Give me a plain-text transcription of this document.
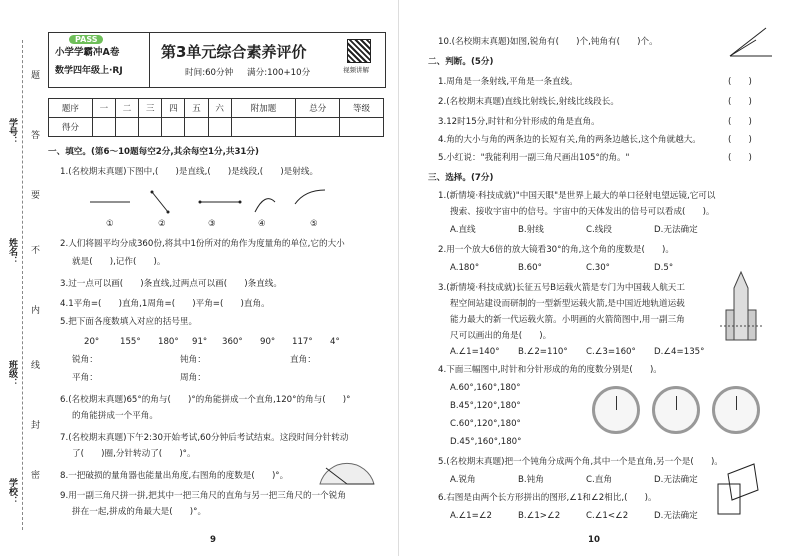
学号：
姓名：
班级：
学校：
题
答
要
不
内
线
封
密
PASS
小学学霸冲A卷
数学四年级上·RJ
第3单元综合素养评价
时间:60分钟 满分:100+10分	视频讲解
题序	一	二	三	四	五	六	附加题	总分	等级
得分									
一、填空。(第6～10题每空2分,其余每空1分,共31分)
1.(名校期末真题)下图中,(　　)是直线,(　　)是线段,(　　)是射线。
①	②	③	④	⑤
2.人们将圆平均分成360份,将其中1份所对的角作为度量角的单位,它的大小
就是(　　),记作(　　)。
3.过一点可以画(　　)条直线,过两点可以画(　　)条直线。
4.1平角=(　　)直角,1周角=(　　)平角=(　　)直角。
5.把下面各度数填入对应的括号里。
20° 155° 180° 91° 360° 90° 117° 4°
锐角：	钝角：	直角：
平角：	周角：
6.(名校期末真题)65°的角与(　　)°的角能拼成一个直角,120°的角与(　　)°
的角能拼成一个平角。
7.(名校期末真题)下午2:30开始考试,60分钟后考试结束。这段时间分针转动
了(　　)圈,分针转动了(　　)°。
8.一把破损的量角器也能量出角度,右图角的度数是(　　)°。
9.用一副三角尺拼一拼,把其中一把三角尺的直角与另一把三角尺的一个锐角
拼在一起,拼成的角最大是(　　)°。
9
10.(名校期末真题)如图,锐角有(　　)个,钝角有(　　)个。
二、判断。(5分)
1.周角是一条射线,平角是一条直线。	(　　)
2.(名校期末真题)直线比射线长,射线比线段长。	(　　)
3.12时15分,时针和分针形成的角是直角。	(　　)
4.角的大小与角的两条边的长短有关,角的两条边越长,这个角就越大。	(　　)
5.小红说："我能利用一副三角尺画出105°的角。"	(　　)
三、选择。(7分)
1.(新情境·科技成就)"中国天眼"是世界上最大的单口径射电望远镜,它可以
搜索、接收宇宙中的信号。宇宙中的天体发出的信号可以看成(　　)。
A.直线	B.射线	C.线段	D.无法确定
2.用一个放大6倍的放大镜看30°的角,这个角的度数是(　　)。
A.180°	B.60°	C.30°	D.5°
3.(新情境·科技成就)长征五号B运载火箭是专门为中国载人航天工
程空间站建设而研制的一型新型运载火箭,是中国近地轨道运载
能力最大的新一代运载火箭。小明画的火箭简图中,用一副三角
尺可以画出的角是(　　)。
A.∠1=140° B.∠2=110° C.∠3=160° D.∠4=135°
4.下面三幅图中,时针和分针形成的角的度数分别是(　　)。
A.60°,160°,180°
B.45°,120°,180°
C.60°,120°,180°
D.45°,160°,180°
5.(名校期末真题)把一个钝角分成两个角,其中一个是直角,另一个是(　　)。
A.锐角	B.钝角	C.直角	D.无法确定
6.右图是由两个长方形拼出的图形,∠1和∠2相比,(　　)。
A.∠1=∠2	B.∠1>∠2	C.∠1<∠2	D.无法确定
10
